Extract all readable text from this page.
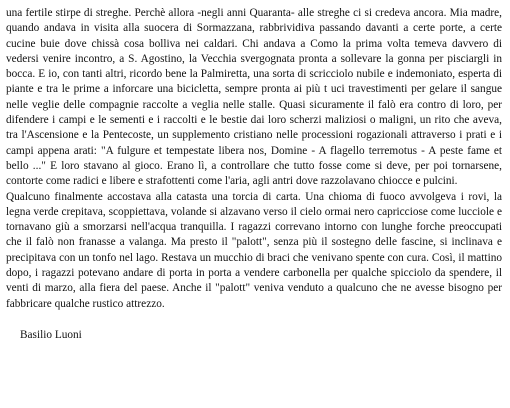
una fertile stirpe di streghe. Perchè allora -negli anni Quaranta- alle streghe ci si credeva ancora. Mia madre, quando andava in visita alla suocera di Sormazzana, rabbrividiva passando davanti a certe porte, a certe cucine buie dove chissà cosa bolliva nei caldari. Chi andava a Como la prima volta temeva davvero di vedersi venire incontro, a S. Agostino, la Vecchia svergognata pronta a sollevare la gonna per pisciargli in bocca. E io, con tanti altri, ricordo bene la Palmiretta, una sorta di scricciolo nubile e indemoniato, esperta di piante e tra le prime a inforcare una bicicletta, sempre pronta ai più t uci travestimenti per gelare il sangue nelle veglie delle compagnie raccolte a veglia nelle stalle. Quasi sicuramente il falò era contro di loro, per difendere i campi e le sementi e i raccolti e le bestie dai loro scherzi maliziosi o maligni, un rito che aveva, tra l'Ascensione e la Pentecoste, un supplemento cristiano nelle processioni rogazionali attraverso i prati e i campi appena arati: "A fulgure et tempestate libera nos, Domine - A flagello terremotus - A peste fame et bello ..." E loro stavano al gioco. Erano lì, a controllare che tutto fosse come si deve, per poi tornarsene, contorte come radici e libere e strafottenti come l'aria, agli antri dove razzolavano chiocce e pulcini.

Qualcuno finalmente accostava alla catasta una torcia di carta. Una chioma di fuoco avvolgeva i rovi, la legna verde crepitava, scoppiettava, volande si alzavano verso il cielo ormai nero capricciose come lucciole e tornavano giù a smorzarsi nell'acqua tranquilla. I ragazzi correvano intorno con lunghe forche preoccupati che il falò non franasse a valanga. Ma presto il "palott", senza più il sostegno delle fascine, si inclinava e precipitava con un tonfo nel lago. Restava un mucchio di braci che venivano spente con cura. Così, il mattino dopo, i ragazzi potevano andare di porta in porta a vendere carbonella per qualche spicciolo da spendere, il venti di marzo, alla fiera del paese. Anche il "palott" veniva venduto a qualcuno che ne avesse bisogno per fabbricare qualche rustico attrezzo.

Basilio Luoni
